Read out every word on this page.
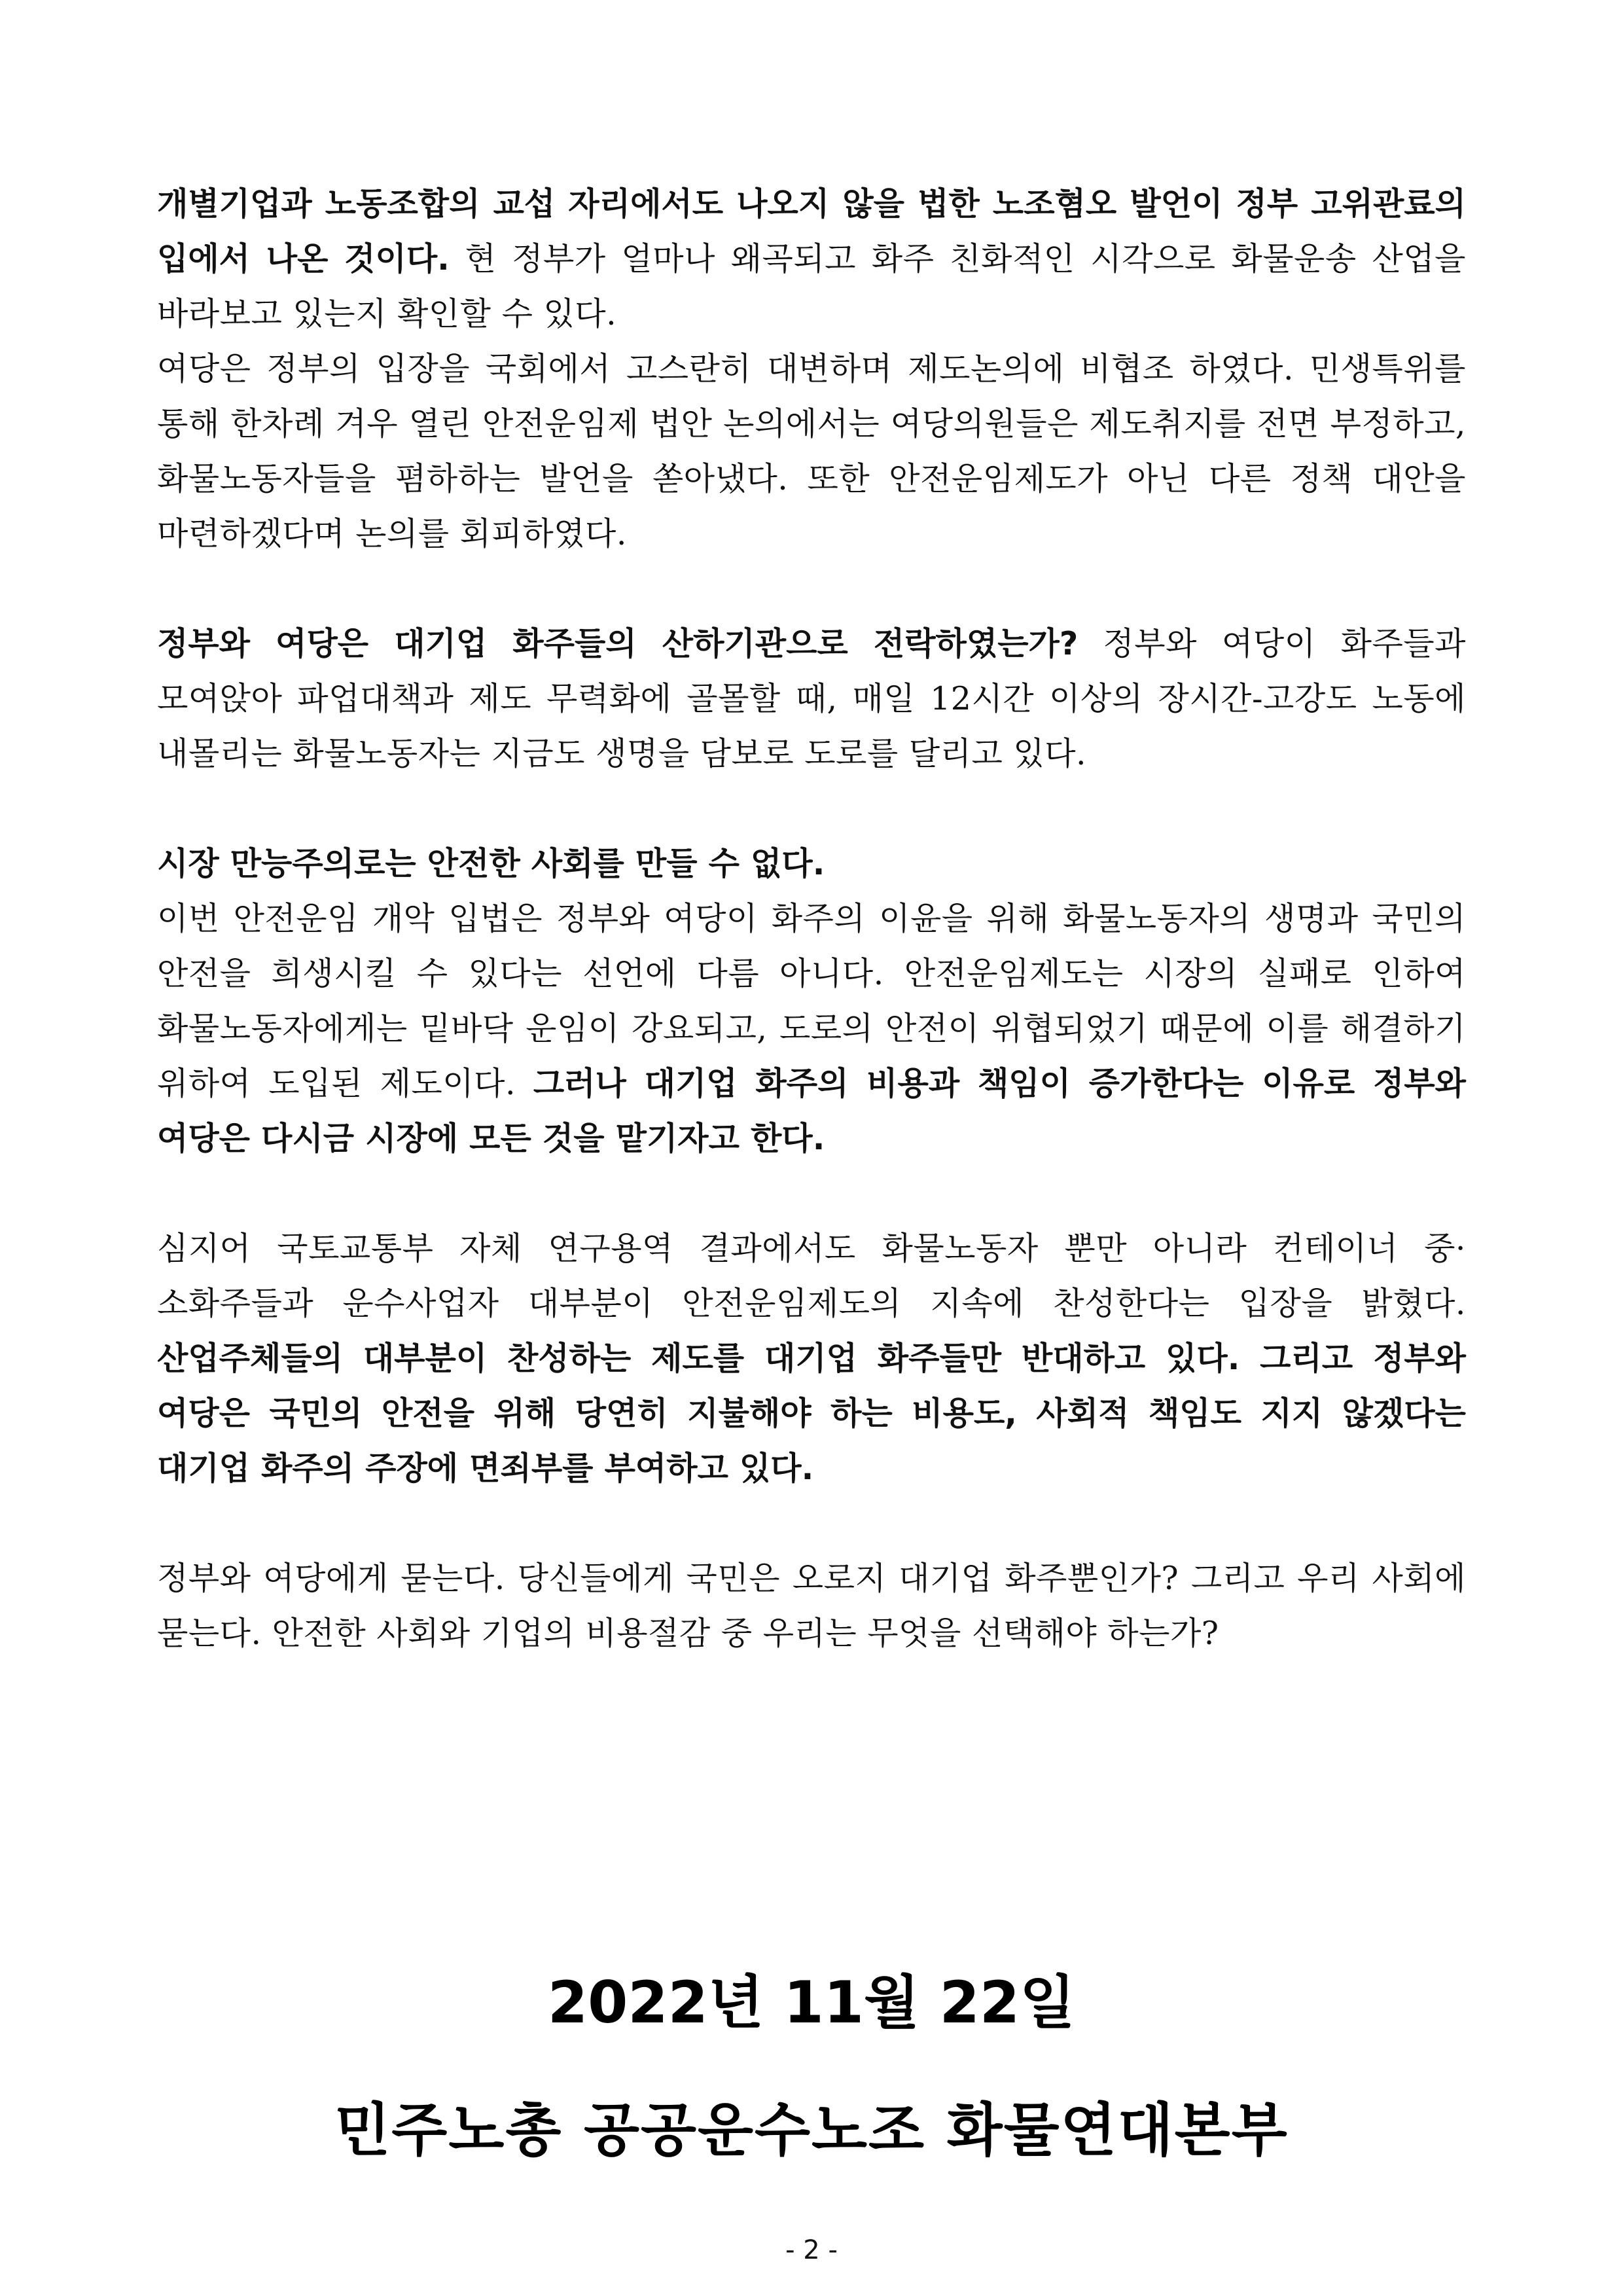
개별기업과 노동조합의 교섭 자리에서도 나오지 않을 법한 노조혐오 발언이 정부 고위관료의 입에서 나온 것이다. 현 정부가 얼마나 왜곡되고 화주 친화적인 시각으로 화물운송 산업을 바라보고 있는지 확인할 수 있다.

여당은 정부의 입장을 국회에서 고스란히 대변하며 제도논의에 비협조 하였다. 민생특위를 통해 한차례 겨우 열린 안전운임제 법안 논의에서는 여당의원들은 제도취지를 전면 부정하고, 화물노동자들을 폄하하는 발언을 쏟아냈다. 또한 안전운임제도가 아닌 다른 정책 대안을 마련하겠다며 논의를 회피하였다.

정부와 여당은 대기업 화주들의 산하기관으로 전락하였는가? 정부와 여당이 화주들과 모여앉아 파업대책과 제도 무력화에 골몰할 때, 매일 12시간 이상의 장시간-고강도 노동에 내몰리는 화물노동자는 지금도 생명을 담보로 도로를 달리고 있다.

시장 만능주의로는 안전한 사회를 만들 수 없다.

이번 안전운임 개악 입법은 정부와 여당이 화주의 이윤을 위해 화물노동자의 생명과 국민의 안전을 희생시킬 수 있다는 선언에 다름 아니다. 안전운임제도는 시장의 실패로 인하여 화물노동자에게는 밑바닥 운임이 강요되고, 도로의 안전이 위협되었기 때문에 이를 해결하기 위하여 도입된 제도이다. 그러나 대기업 화주의 비용과 책임이 증가한다는 이유로 정부와 여당은 다시금 시장에 모든 것을 맡기자고 한다.

심지어 국토교통부 자체 연구용역 결과에서도 화물노동자 뿐만 아니라 컨테이너 중·소화주들과 운수사업자 대부분이 안전운임제도의 지속에 찬성한다는 입장을 밝혔다. 산업주체들의 대부분이 찬성하는 제도를 대기업 화주들만 반대하고 있다. 그리고 정부와 여당은 국민의 안전을 위해 당연히 지불해야 하는 비용도, 사회적 책임도 지지 않겠다는 대기업 화주의 주장에 면죄부를 부여하고 있다.

정부와 여당에게 묻는다. 당신들에게 국민은 오로지 대기업 화주뿐인가? 그리고 우리 사회에 묻는다. 안전한 사회와 기업의 비용절감 중 우리는 무엇을 선택해야 하는가?

2022년 11월 22일
민주노총 공공운수노조 화물연대본부
- 2 -
